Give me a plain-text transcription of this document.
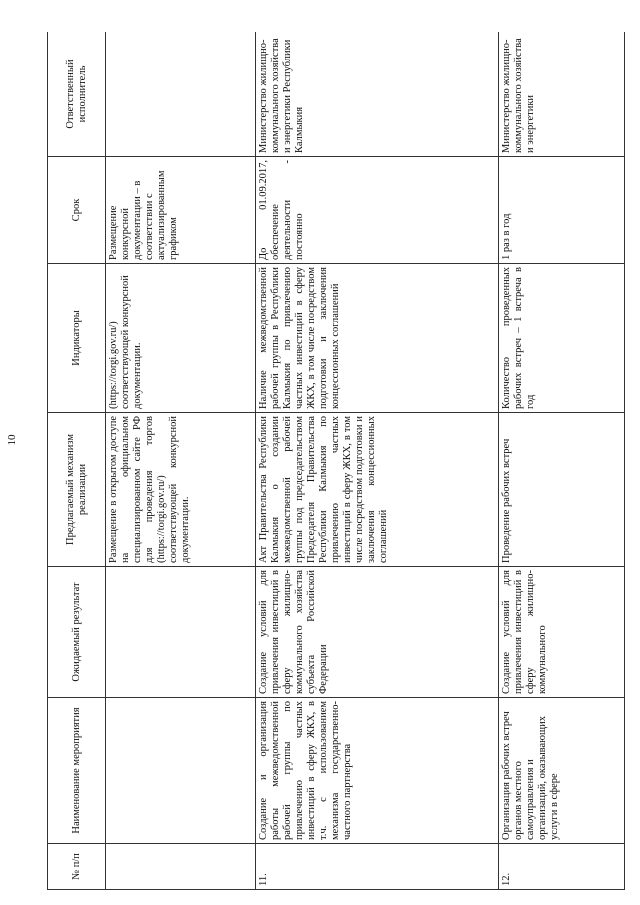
10
№ п/п	Наименование мероприятия	Ожидаемый результат	Предлагаемый механизм реализации	Индикаторы	Срок	Ответственный исполнитель
			Размещение в открытом доступе на официальном специализированном сайте РФ для проведения торгов (https://torgi.gov.ru/) соответствующей конкурсной документации.	(https://torgi.gov.ru/) соответствующей конкурсной документации.	Размещение конкурсной документации – в соответствии с актуализированным графиком	
11.	Создание и организация работы межведомственной рабочей группы по привлечению частных инвестиций в сферу ЖКХ, в т.ч. с использованием механизма государственно-частного партнерства	Создание условий для привлечения инвестиций в сферу жилищно-коммунального хозяйства субъекта Российской Федерации	Акт Правительства Республики Калмыкия о создании межведомственной рабочей группы под председательством Председателя Правительства Республики Калмыкия по привлечению частных инвестиций в сферу ЖКХ, в том числе посредством подготовки и заключения концессионных соглашений	Наличие межведомственной рабочей группы в Республики Калмыкия по привлечению частных инвестиций в сферу ЖКХ, в том числе посредством подготовки и заключения концессионных соглашений	До 01.09.2017, обеспечение деятельности - постоянно	Министерство жилищно-коммунального хозяйства и энергетики Республики Калмыкия
12.	Организация рабочих встреч органов местного самоуправления и организаций, оказывающих услуги в сфере	Создание условий для привлечения инвестиций в сферу жилищно-коммунального	Проведение рабочих встреч	Количество проведенных рабочих встреч – 1 встреча в год	1 раз в год	Министерство жилищно-коммунального хозяйства и энергетики
